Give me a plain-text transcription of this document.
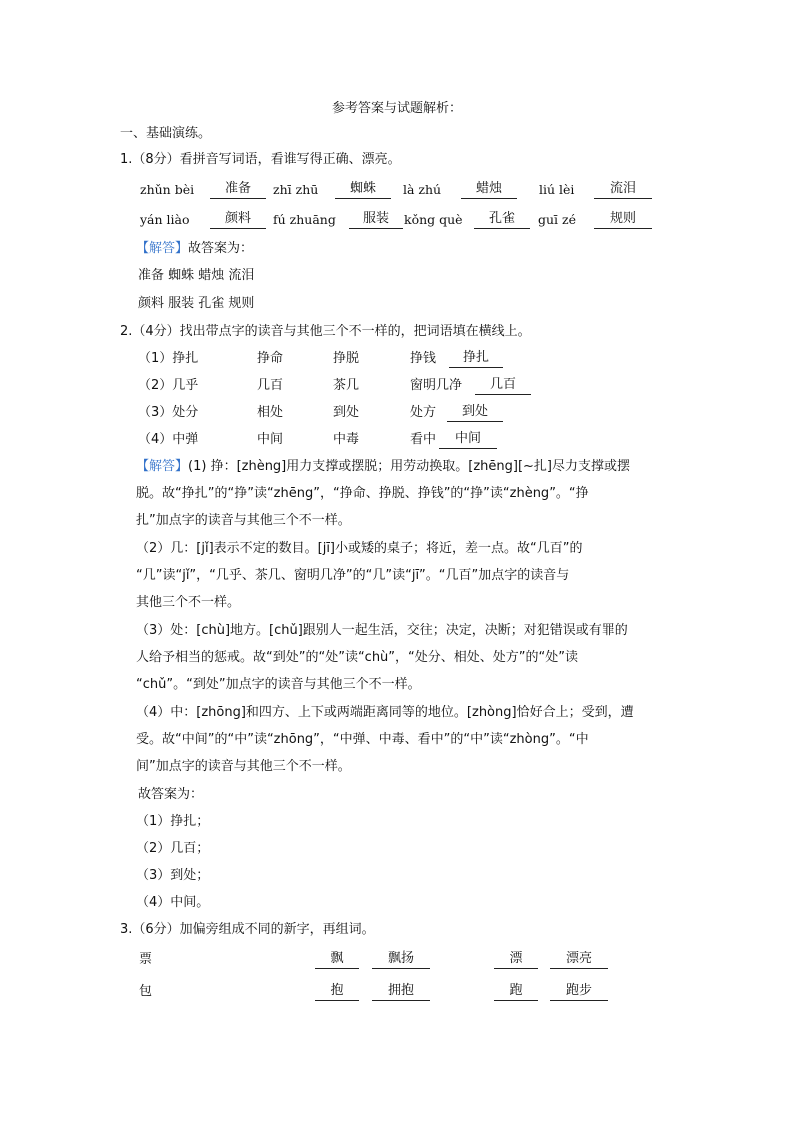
参考答案与试题解析：
一、基础演练。
1.（8分）看拼音写词语，看谁写得正确、漂亮。
zhǔn bèi	准备	zhī zhū	蜘蛛	là zhú	蜡烛	liú lèi	流泪
yán liào	颜料	fú zhuāng	服装	kǒng què	孔雀	guī zé	规则
【解答】故答案为：
准备 蜘蛛 蜡烛 流泪
颜料 服装 孔雀 规则
2.（4分）找出带点字的读音与其他三个不一样的，把词语填在横线上。
（1）挣扎	挣命	挣脱	挣钱	挣扎
（2）几乎	几百	茶几	窗明几净	几百
（3）处分	相处	到处	处方	到处
（4）中弹	中间	中毒	看中	中间
【解答】(1) 挣：[zhèng]用力支撑或摆脱；用劳动换取。[zhēng][~扎]尽力支撑或摆
脱。故“挣扎”的“挣”读“zhēng”，“挣命、挣脱、挣钱”的“挣”读“zhèng”。“挣
扎”加点字的读音与其他三个不一样。
（2）几：[jǐ]表示不定的数目。[jī]小或矮的桌子；将近，差一点。故“几百”的
“几”读“jǐ”，“几乎、茶几、窗明几净”的“几”读“jī”。“几百”加点字的读音与
其他三个不一样。
（3）处：[chù]地方。[chǔ]跟别人一起生活，交往；决定，决断；对犯错误或有罪的
人给予相当的惩戒。故“到处”的“处”读“chù”，“处分、相处、处方”的“处”读
“chǔ”。“到处”加点字的读音与其他三个不一样。
（4）中：[zhōng]和四方、上下或两端距离同等的地位。[zhòng]恰好合上；受到，遭
受。故“中间”的“中”读“zhōng”，“中弹、中毒、看中”的“中”读“zhòng”。“中
间”加点字的读音与其他三个不一样。
故答案为：
（1）挣扎；
（2）几百；
（3）到处；
（4）中间。
3.（6分）加偏旁组成不同的新字，再组词。
票	飘	飘扬	漂	漂亮
包	抱	拥抱	跑	跑步
